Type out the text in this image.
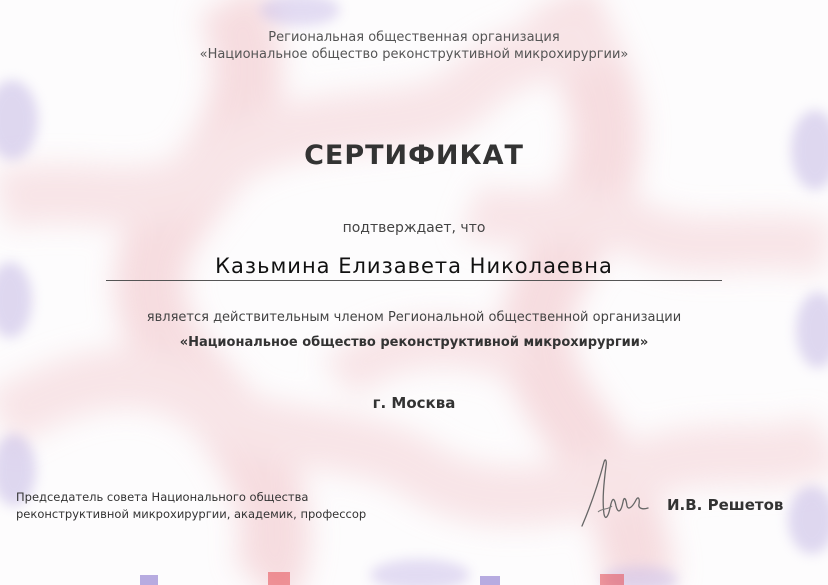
Региональная общественная организация
«Национальное общество реконструктивной микрохирургии»
СЕРТИФИКАТ
подтверждает, что
Казьмина Елизавета Николаевна
является действительным членом Региональной общественной организации
«Национальное общество реконструктивной микрохирургии»
г. Москва
Председатель совета Национального общества
реконструктивной микрохирургии, академик, профессор	И.В. Решетов
